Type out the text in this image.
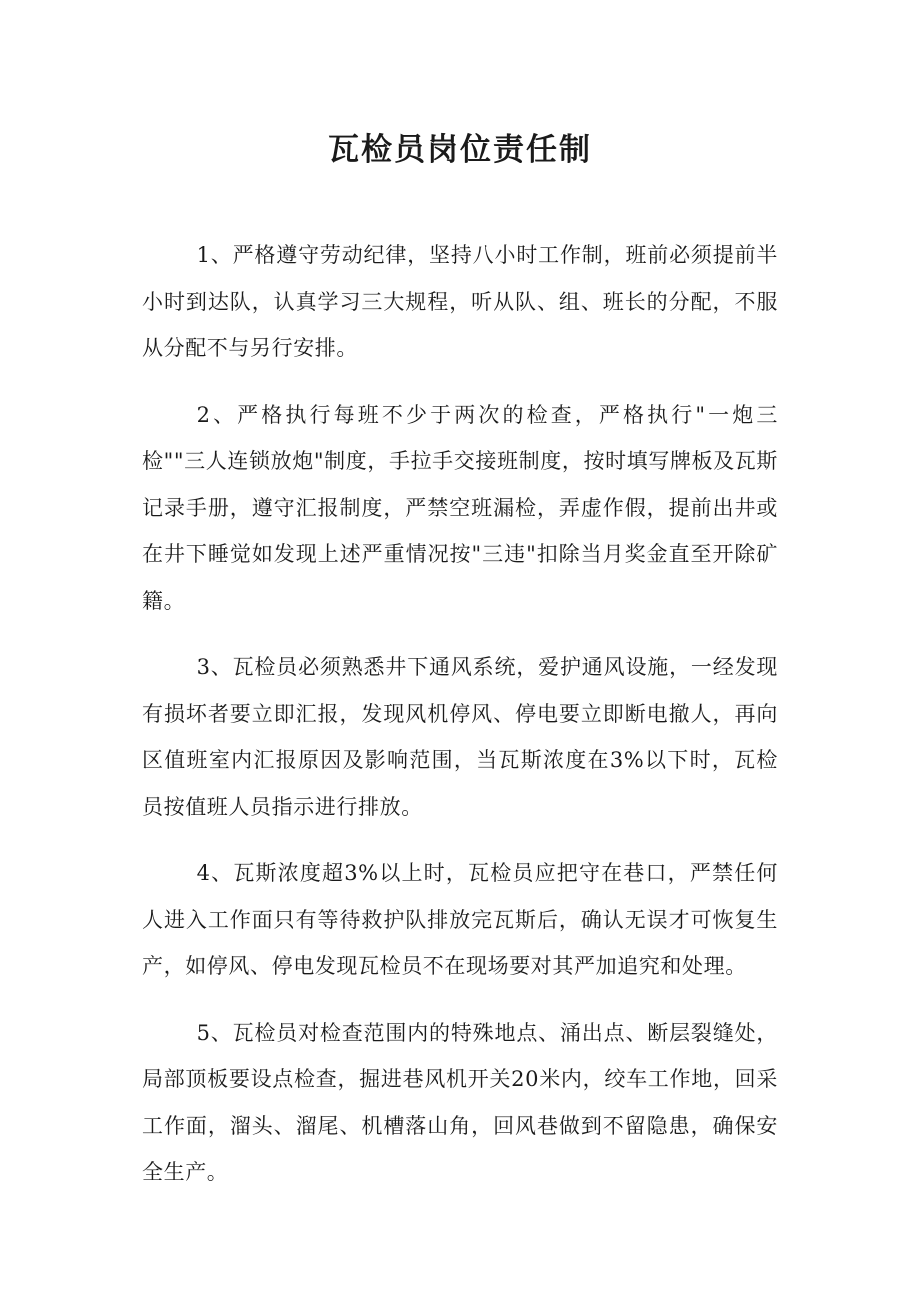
瓦检员岗位责任制

1、严格遵守劳动纪律，坚持八小时工作制，班前必须提前半小时到达队，认真学习三大规程，听从队、组、班长的分配，不服从分配不与另行安排。

2、严格执行每班不少于两次的检查，严格执行"一炮三检""三人连锁放炮"制度，手拉手交接班制度，按时填写牌板及瓦斯记录手册，遵守汇报制度，严禁空班漏检，弄虚作假，提前出井或在井下睡觉如发现上述严重情况按"三违"扣除当月奖金直至开除矿籍。

3、瓦检员必须熟悉井下通风系统，爱护通风设施，一经发现有损坏者要立即汇报，发现风机停风、停电要立即断电撤人，再向区值班室内汇报原因及影响范围，当瓦斯浓度在3%以下时，瓦检员按值班人员指示进行排放。

4、瓦斯浓度超3%以上时，瓦检员应把守在巷口，严禁任何人进入工作面只有等待救护队排放完瓦斯后，确认无误才可恢复生产，如停风、停电发现瓦检员不在现场要对其严加追究和处理。

5、瓦检员对检查范围内的特殊地点、涌出点、断层裂缝处，局部顶板要设点检查，掘进巷风机开关20米内，绞车工作地，回采工作面，溜头、溜尾、机槽落山角，回风巷做到不留隐患，确保安全生产。
